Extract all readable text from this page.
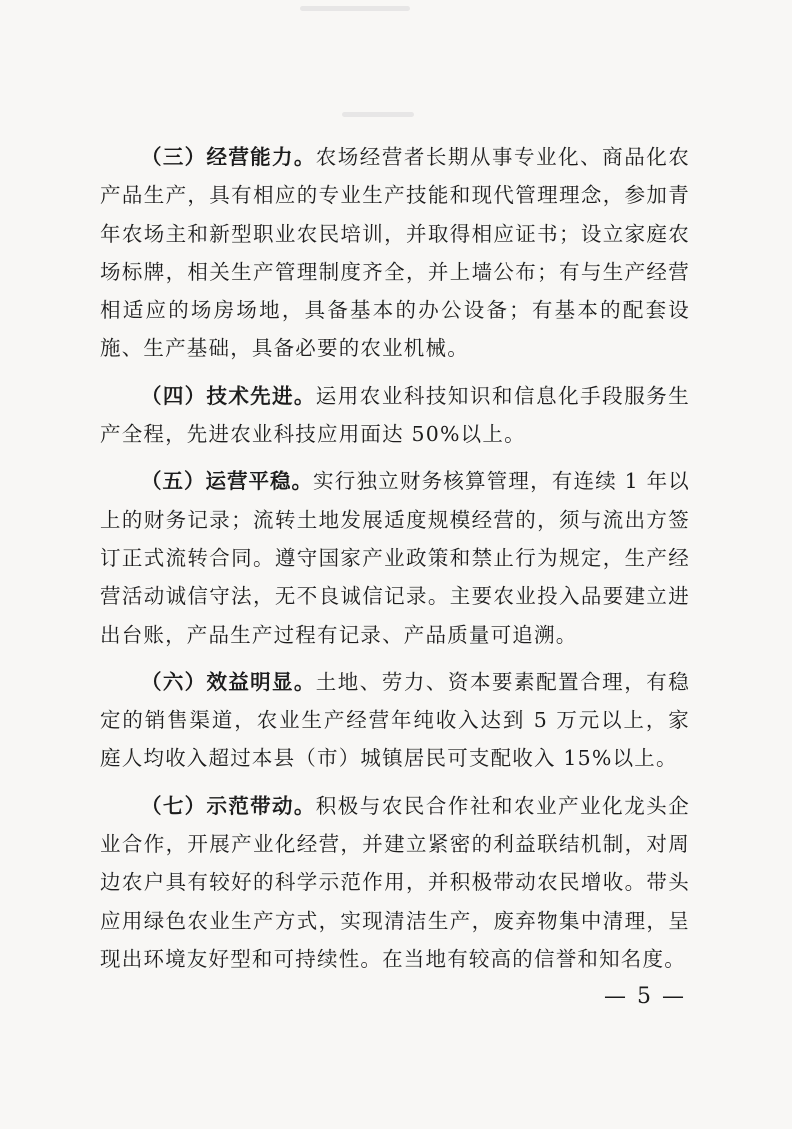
（三）经营能力。农场经营者长期从事专业化、商品化农产品生产，具有相应的专业生产技能和现代管理理念，参加青年农场主和新型职业农民培训，并取得相应证书；设立家庭农场标牌，相关生产管理制度齐全，并上墙公布；有与生产经营相适应的场房场地，具备基本的办公设备；有基本的配套设施、生产基础，具备必要的农业机械。

（四）技术先进。运用农业科技知识和信息化手段服务生产全程，先进农业科技应用面达 50%以上。

（五）运营平稳。实行独立财务核算管理，有连续 1 年以上的财务记录；流转土地发展适度规模经营的，须与流出方签订正式流转合同。遵守国家产业政策和禁止行为规定，生产经营活动诚信守法，无不良诚信记录。主要农业投入品要建立进出台账，产品生产过程有记录、产品质量可追溯。

（六）效益明显。土地、劳力、资本要素配置合理，有稳定的销售渠道，农业生产经营年纯收入达到 5 万元以上，家庭人均收入超过本县（市）城镇居民可支配收入 15%以上。

（七）示范带动。积极与农民合作社和农业产业化龙头企业合作，开展产业化经营，并建立紧密的利益联结机制，对周边农户具有较好的科学示范作用，并积极带动农民增收。带头应用绿色农业生产方式，实现清洁生产，废弃物集中清理，呈现出环境友好型和可持续性。在当地有较高的信誉和知名度。

— 5 —
